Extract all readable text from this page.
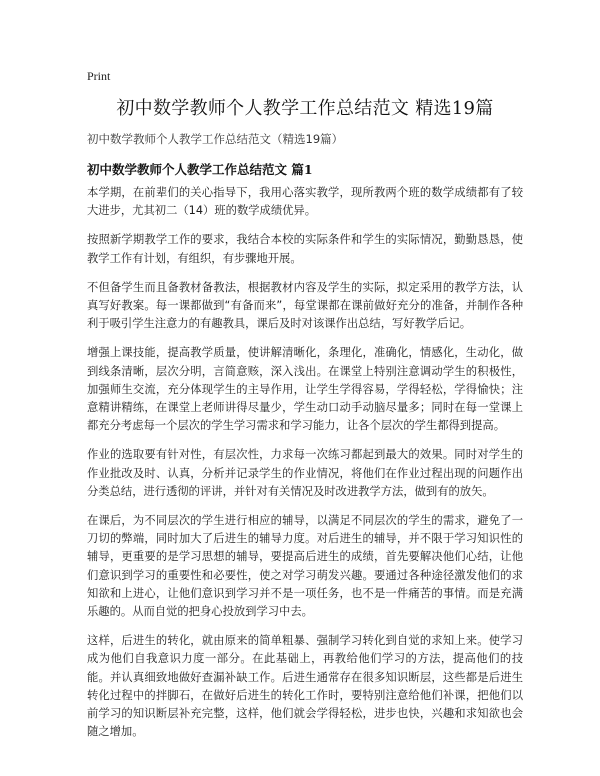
Print
初中数学教师个人教学工作总结范文 精选19篇

初中数学教师个人教学工作总结范文（精选19篇）

初中数学教师个人教学工作总结范文 篇1

本学期，在前辈们的关心指导下，我用心落实教学，现所教两个班的数学成绩都有了较大进步，尤其初二（14）班的数学成绩优异。

按照新学期教学工作的要求，我结合本校的实际条件和学生的实际情况，勤勤恳恳，使教学工作有计划，有组织，有步骤地开展。

不但备学生而且备教材备教法，根据教材内容及学生的实际，拟定采用的教学方法，认真写好教案。每一课都做到“有备而来”，每堂课都在课前做好充分的准备，并制作各种利于吸引学生注意力的有趣教具，课后及时对该课作出总结，写好教学后记。

增强上课技能，提高教学质量，使讲解清晰化，条理化，准确化，情感化，生动化，做到线条清晰，层次分明，言简意赅，深入浅出。在课堂上特别注意调动学生的积极性，加强师生交流，充分体现学生的主导作用，让学生学得容易，学得轻松，学得愉快；注意精讲精练，在课堂上老师讲得尽量少，学生动口动手动脑尽量多；同时在每一堂课上都充分考虑每一个层次的学生学习需求和学习能力，让各个层次的学生都得到提高。

作业的选取要有针对性，有层次性，力求每一次练习都起到最大的效果。同时对学生的作业批改及时、认真，分析并记录学生的作业情况，将他们在作业过程出现的问题作出分类总结，进行透彻的评讲，并针对有关情况及时改进教学方法，做到有的放矢。

在课后，为不同层次的学生进行相应的辅导，以满足不同层次的学生的需求，避免了一刀切的弊端，同时加大了后进生的辅导力度。对后进生的辅导，并不限于学习知识性的辅导，更重要的是学习思想的辅导，要提高后进生的成绩，首先要解决他们心结，让他们意识到学习的重要性和必要性，使之对学习萌发兴趣。要通过各种途径激发他们的求知欲和上进心，让他们意识到学习并不是一项任务，也不是一件痛苦的事情。而是充满乐趣的。从而自觉的把身心投放到学习中去。

这样，后进生的转化，就由原来的简单粗暴、强制学习转化到自觉的求知上来。使学习成为他们自我意识力度一部分。在此基础上，再教给他们学习的方法，提高他们的技能。并认真细致地做好查漏补缺工作。后进生通常存在很多知识断层，这些都是后进生转化过程中的拌脚石，在做好后进生的转化工作时，要特别注意给他们补课，把他们以前学习的知识断层补充完整，这样，他们就会学得轻松，进步也快，兴趣和求知欲也会随之增加。
